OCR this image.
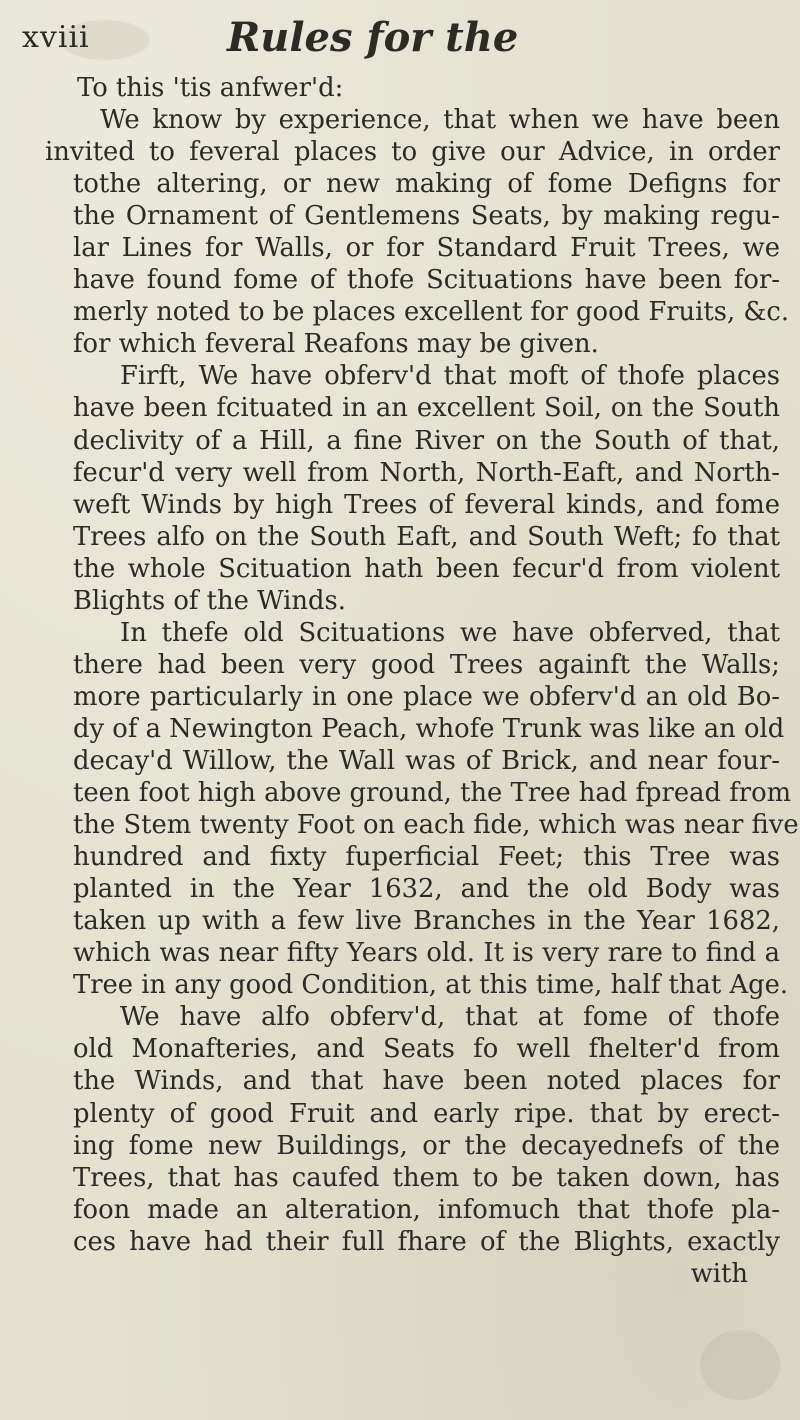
xviii	Rules for the
To this 'tis anfwer'd:
We know by experience, that when we have been
invited to feveral places to give our Advice, in order
tothe altering, or new making of fome Defigns for
the Ornament of Gentlemens Seats, by making regu-
lar Lines for Walls, or for Standard Fruit Trees, we
have found fome of thofe Scituations have been for-
merly noted to be places excellent for good Fruits, &c.
for which feveral Reafons may be given.
Firft, We have obferv'd that moft of thofe places
have been fcituated in an excellent Soil, on the South
declivity of a Hill, a fine River on the South of that,
fecur'd very well from North, North-Eaft, and North-
weft Winds by high Trees of feveral kinds, and fome
Trees alfo on the South Eaft, and South Weft; fo that
the whole Scituation hath been fecur'd from violent
Blights of the Winds.
In thefe old Scituations we have obferved, that
there had been very good Trees againft the Walls;
more particularly in one place we obferv'd an old Bo-
dy of a Newington Peach, whofe Trunk was like an old
decay'd Willow, the Wall was of Brick, and near four-
teen foot high above ground, the Tree had fpread from
the Stem twenty Foot on each fide, which was near five
hundred and fixty fuperficial Feet; this Tree was
planted in the Year 1632, and the old Body was
taken up with a few live Branches in the Year 1682,
which was near fifty Years old. It is very rare to find a
Tree in any good Condition, at this time, half that Age.
We have alfo obferv'd, that at fome of thofe
old Monafteries, and Seats fo well fhelter'd from
the Winds, and that have been noted places for
plenty of good Fruit and early ripe. that by erect-
ing fome new Buildings, or the decayednefs of the
Trees, that has caufed them to be taken down, has
foon made an alteration, infomuch that thofe pla-
ces have had their full fhare of the Blights, exactly
with
